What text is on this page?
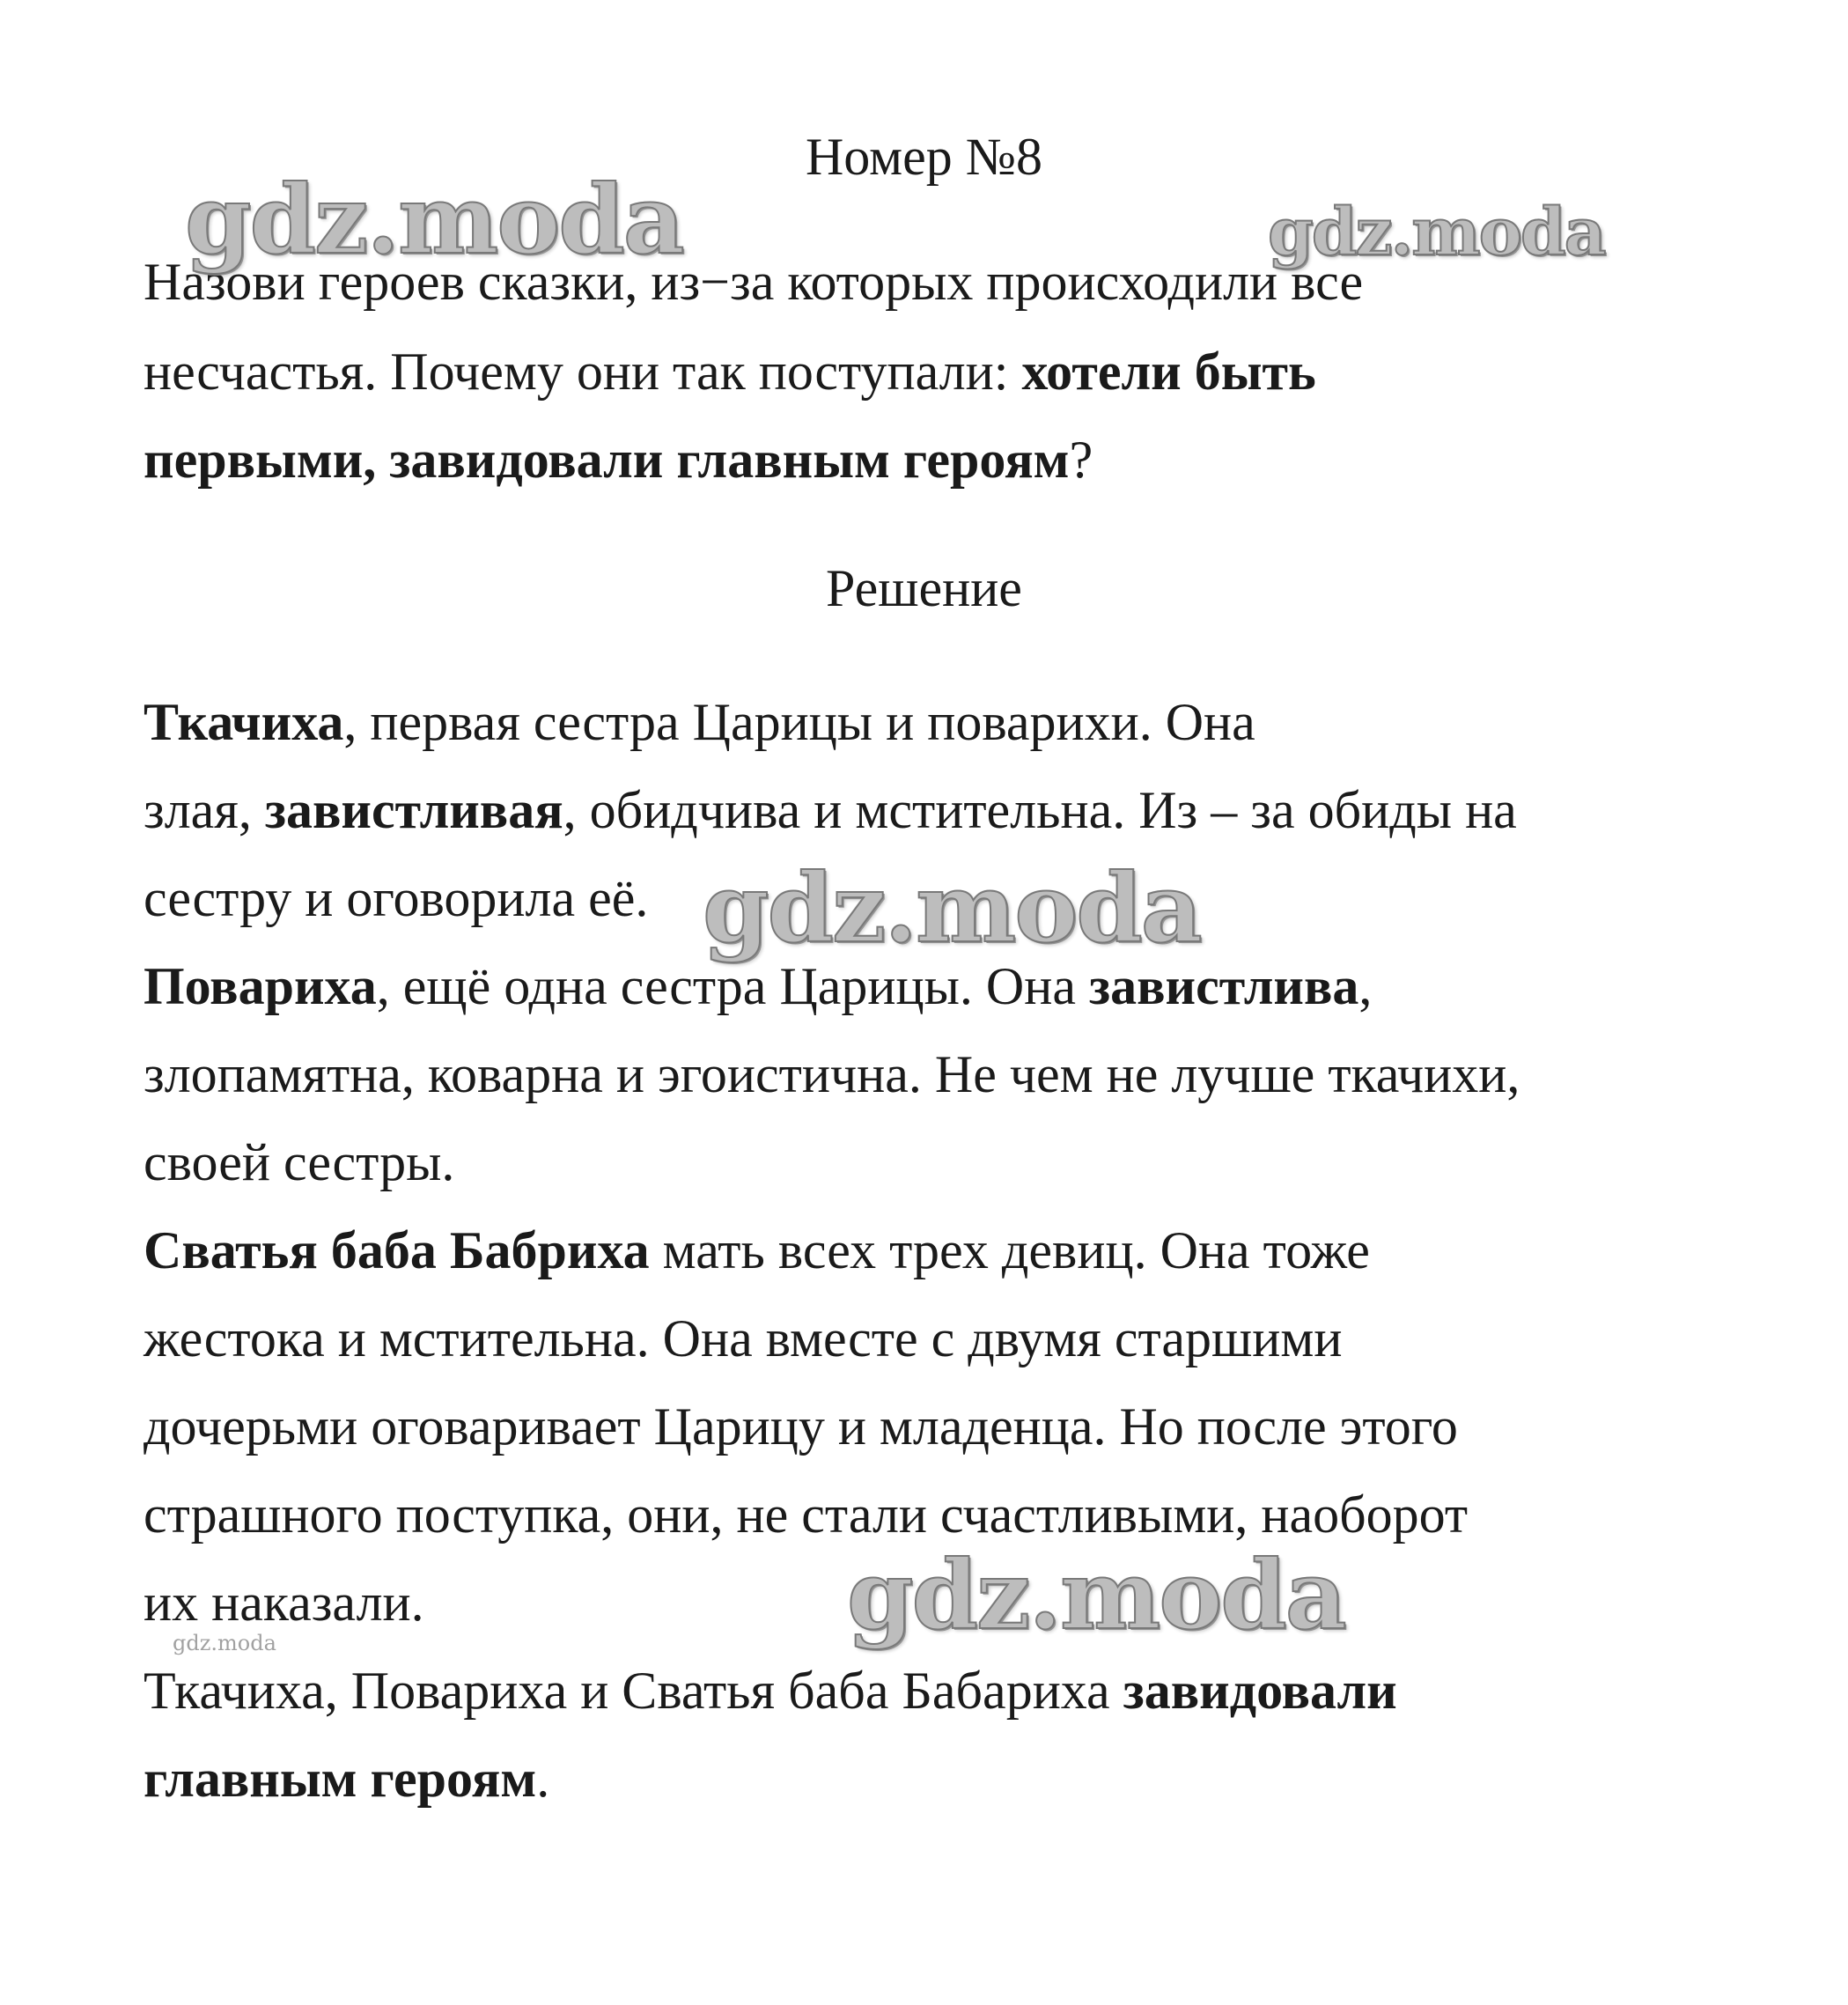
Номер №8
Назови героев сказки, из−за которых происходили все
несчастья. Почему они так поступали: хотели быть
первыми, завидовали главным героям?
Решение
Ткачиха, первая сестра Царицы и поварихи. Она
злая, завистливая, обидчива и мстительна. Из – за обиды на
сестру и оговорила её.
Повариха, ещё одна сестра Царицы. Она завистлива,
злопамятна, коварна и эгоистична. Не чем не лучше ткачихи,
своей сестры.
Сватья баба Бабриха мать всех трех девиц. Она тоже
жестока и мстительна. Она вместе с двумя старшими
дочерьми оговаривает Царицу и младенца. Но после этого
страшного поступка, они, не стали счастливыми, наоборот
их наказали.
Ткачиха, Повариха и Сватья баба Бабариха завидовали
главным героям.
gdz.moda	gdz.moda
gdz.moda
gdz.moda
gdz.moda
